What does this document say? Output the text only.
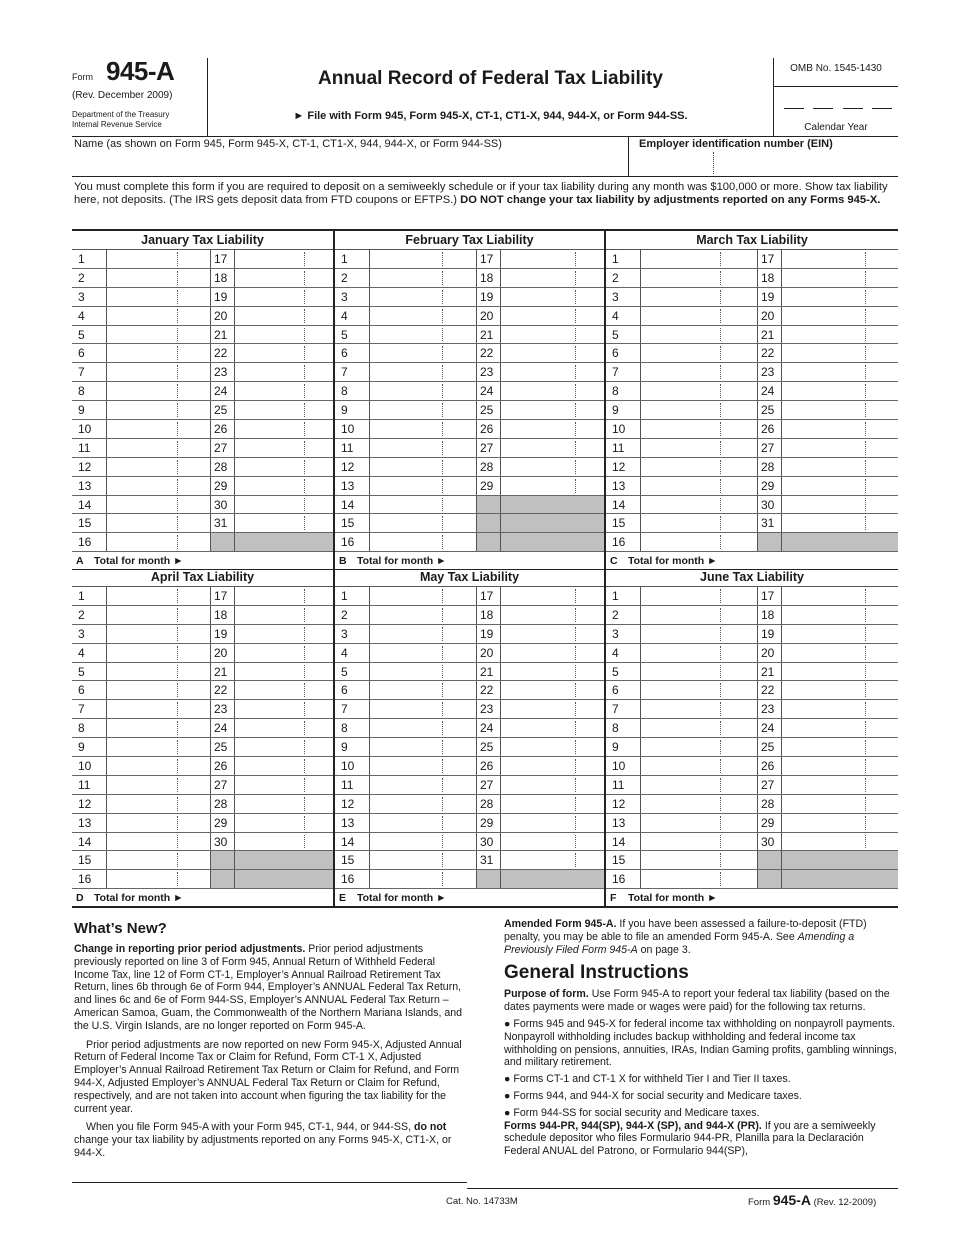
Form 945-A
(Rev. December 2009)
Department of the Treasury
Internal Revenue Service
Annual Record of Federal Tax Liability
► File with Form 945, Form 945-X, CT-1, CT1-X, 944, 944-X, or Form 944-SS.
OMB No. 1545-1430
Calendar Year
Name (as shown on Form 945, Form 945-X, CT-1, CT1-X, 944, 944-X, or Form 944-SS)	Employer identification number (EIN)
You must complete this form if you are required to deposit on a semiweekly schedule or if your tax liability during any month was $100,000 or more. Show tax liability here, not deposits. (The IRS gets deposit data from FTD coupons or EFTPS.) DO NOT change your tax liability by adjustments reported on any Forms 945-X.
January Tax Liability
1	17
2	18
3	19
4	20
5	21
6	22
7	23
8	24
9	25
10	26
11	27
12	28
13	29
14	30
15	31
16
A Total for month ►
February Tax Liability
1	17
2	18
3	19
4	20
5	21
6	22
7	23
8	24
9	25
10	26
11	27
12	28
13	29
14
15
16
B Total for month ►
March Tax Liability
1	17
2	18
3	19
4	20
5	21
6	22
7	23
8	24
9	25
10	26
11	27
12	28
13	29
14	30
15	31
16
C Total for month ►
April Tax Liability
1	17
2	18
3	19
4	20
5	21
6	22
7	23
8	24
9	25
10	26
11	27
12	28
13	29
14	30
15
16
D Total for month ►
May Tax Liability
1	17
2	18
3	19
4	20
5	21
6	22
7	23
8	24
9	25
10	26
11	27
12	28
13	29
14	30
15	31
16
E Total for month ►
June Tax Liability
1	17
2	18
3	19
4	20
5	21
6	22
7	23
8	24
9	25
10	26
11	27
12	28
13	29
14	30
15
16
F Total for month ►
What’s New?

Change in reporting prior period adjustments. Prior period adjustments previously reported on line 3 of Form 945, Annual Return of Withheld Federal Income Tax, line 12 of Form CT-1, Employer’s Annual Railroad Retirement Tax Return, lines 6b through 6e of Form 944, Employer’s ANNUAL Federal Tax Return, and lines 6c and 6e of Form 944-SS, Employer’s ANNUAL Federal Tax Return – American Samoa, Guam, the Commonwealth of the Northern Mariana Islands, and the U.S. Virgin Islands, are no longer reported on Form 945-A.

Prior period adjustments are now reported on new Form 945-X, Adjusted Annual Return of Federal Income Tax or Claim for Refund, Form CT-1 X, Adjusted Employer’s Annual Railroad Retirement Tax Return or Claim for Refund, and Form 944-X, Adjusted Employer’s ANNUAL Federal Tax Return or Claim for Refund, respectively, and are not taken into account when figuring the tax liability for the current year.

When you file Form 945-A with your Form 945, CT-1, 944, or 944-SS, do not change your tax liability by adjustments reported on any Forms 945-X, CT1-X, or 944-X.

Amended Form 945-A. If you have been assessed a failure-to-deposit (FTD) penalty, you may be able to file an amended Form 945-A. See Amending a Previously Filed Form 945-A on page 3.

General Instructions

Purpose of form. Use Form 945-A to report your federal tax liability (based on the dates payments were made or wages were paid) for the following tax returns.

● Forms 945 and 945-X for federal income tax withholding on nonpayroll payments. Nonpayroll withholding includes backup withholding and federal income tax withholding on pensions, annuities, IRAs, Indian Gaming profits, gambling winnings, and military retirement.

● Forms CT-1 and CT-1 X for withheld Tier I and Tier II taxes.

● Forms 944, and 944-X for social security and Medicare taxes.

● Form 944-SS for social security and Medicare taxes.

Forms 944-PR, 944(SP), 944-X (SP), and 944-X (PR). If you are a semiweekly schedule depositor who files Formulario 944-PR, Planilla para la Declaración Federal ANUAL del Patrono, or Formulario 944(SP),

Cat. No. 14733M	Form 945-A (Rev. 12-2009)
